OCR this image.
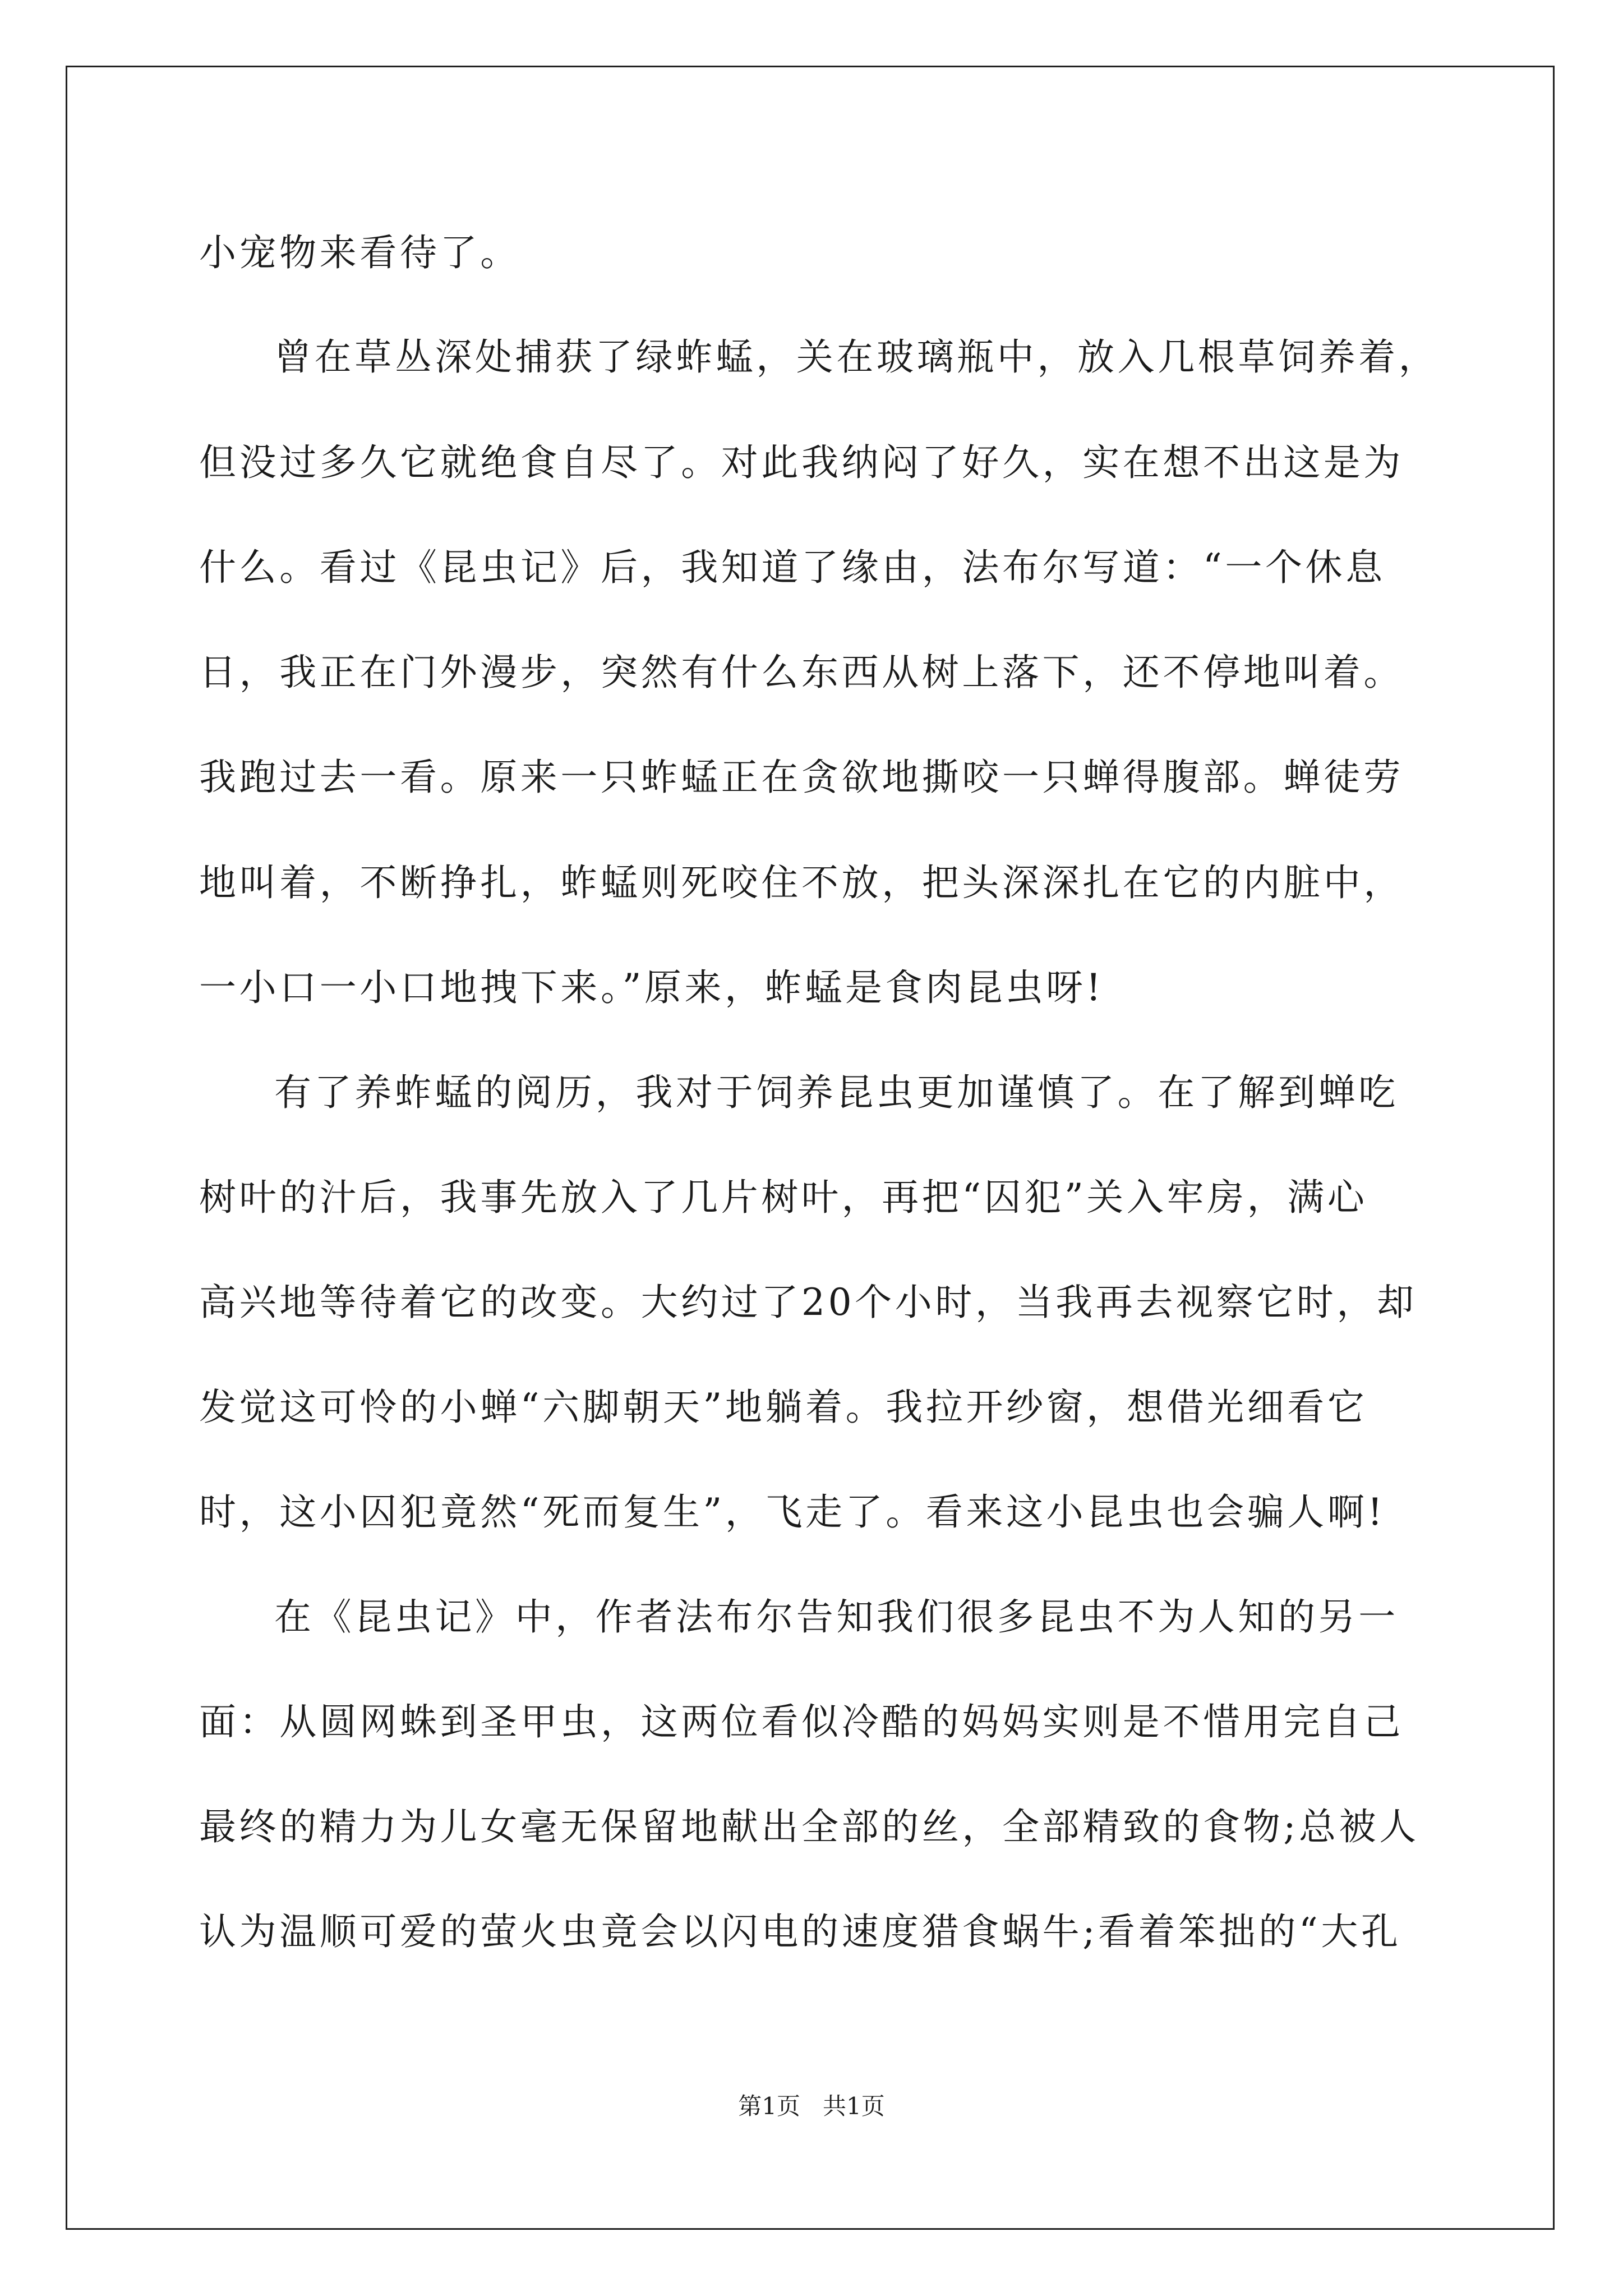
小宠物来看待了。
曾在草丛深处捕获了绿蚱蜢，关在玻璃瓶中，放入几根草饲养着，
但没过多久它就绝食自尽了。对此我纳闷了好久，实在想不出这是为
什么。看过《昆虫记》后，我知道了缘由，法布尔写道：“一个休息
日，我正在门外漫步，突然有什么东西从树上落下，还不停地叫着。
我跑过去一看。原来一只蚱蜢正在贪欲地撕咬一只蝉得腹部。蝉徒劳
地叫着，不断挣扎，蚱蜢则死咬住不放，把头深深扎在它的内脏中，
一小口一小口地拽下来。”原来，蚱蜢是食肉昆虫呀!
有了养蚱蜢的阅历，我对于饲养昆虫更加谨慎了。在了解到蝉吃
树叶的汁后，我事先放入了几片树叶，再把“囚犯”关入牢房，满心
高兴地等待着它的改变。大约过了20个小时，当我再去视察它时，却
发觉这可怜的小蝉“六脚朝天”地躺着。我拉开纱窗，想借光细看它
时，这小囚犯竟然“死而复生”，飞走了。看来这小昆虫也会骗人啊!
在《昆虫记》中，作者法布尔告知我们很多昆虫不为人知的另一
面：从圆网蛛到圣甲虫，这两位看似冷酷的妈妈实则是不惜用完自己
最终的精力为儿女毫无保留地献出全部的丝，全部精致的食物;总被人
认为温顺可爱的萤火虫竟会以闪电的速度猎食蜗牛;看着笨拙的“大孔
第1页   共1页
